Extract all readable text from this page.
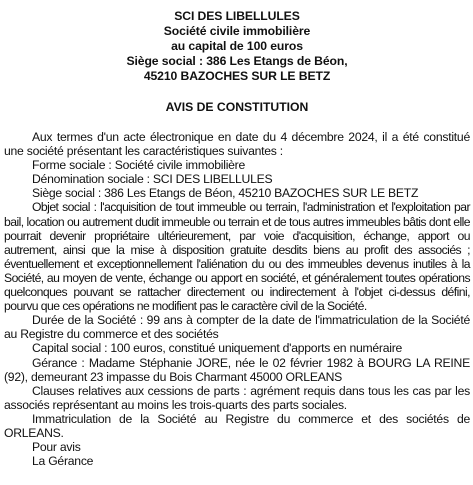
SCI DES LIBELLULES
Société civile immobilière
au capital de 100 euros
Siège social : 386 Les Etangs de Béon,
45210 BAZOCHES SUR LE BETZ
AVIS DE CONSTITUTION

Aux termes d'un acte électronique en date du 4 décembre 2024, il a été constitué une société présentant les caractéristiques suivantes :

Forme sociale : Société civile immobilière

Dénomination sociale : SCI DES LIBELLULES

Siège social : 386 Les Etangs de Béon, 45210 BAZOCHES SUR LE BETZ

Objet social : l'acquisition de tout immeuble ou terrain, l'administration et l'exploitation par bail, location ou autrement dudit immeuble ou terrain et de tous autres immeubles bâtis dont elle pourrait devenir propriétaire ultérieurement, par voie d'acquisition, échange, apport ou autrement, ainsi que la mise à disposition gratuite desdits biens au profit des associés ; éventuellement et exceptionnellement l'aliénation du ou des immeubles devenus inutiles à la Société, au moyen de vente, échange ou apport en société, et généralement toutes opérations quelconques pouvant se rattacher directement ou indirectement à l'objet ci-dessus défini, pourvu que ces opérations ne modifient pas le caractère civil de la Société.

Durée de la Société : 99 ans à compter de la date de l'immatriculation de la Société au Registre du commerce et des sociétés

Capital social : 100 euros, constitué uniquement d'apports en numéraire

Gérance : Madame Stéphanie JORE, née le 02 février 1982 à BOURG LA REINE (92), demeurant 23 impasse du Bois Charmant 45000 ORLEANS

Clauses relatives aux cessions de parts : agrément requis dans tous les cas par les associés représentant au moins les trois-quarts des parts sociales.

Immatriculation de la Société au Registre du commerce et des sociétés de ORLEANS.

Pour avis

La Gérance
